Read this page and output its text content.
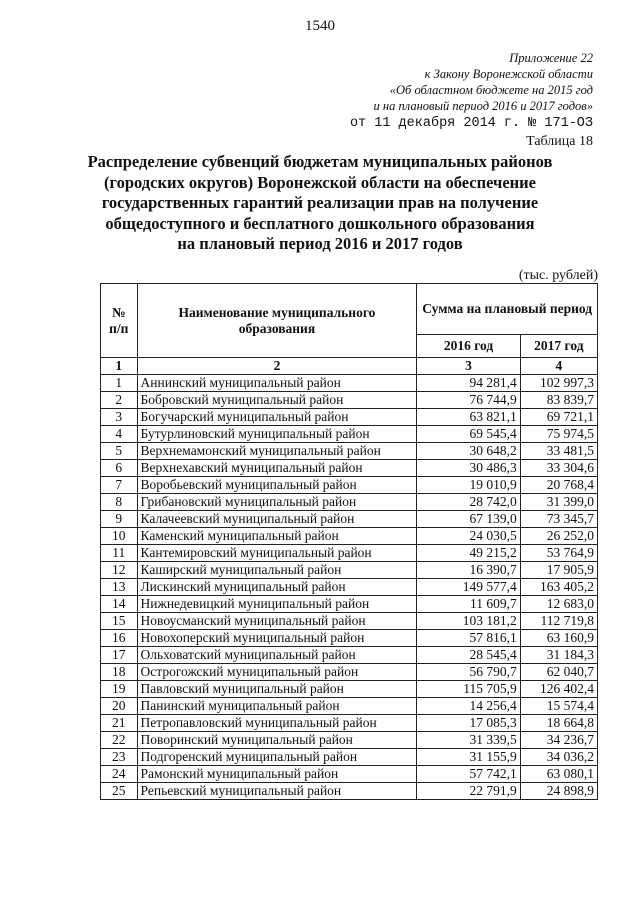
1540
Приложение 22
к Закону Воронежской области
«Об областном бюджете на 2015 год
и на плановый период 2016 и 2017 годов»
от 11 декабря 2014 г. № 171-ОЗ
Таблица 18
Распределение субвенций бюджетам муниципальных районов
(городских округов) Воронежской области на обеспечение
государственных гарантий реализации прав на получение
общедоступного и бесплатного дошкольного образования
на плановый период 2016 и 2017 годов
(тыс. рублей)
№
п/п	Наименование муниципального образования	Сумма на плановый период	
		2016 год	2017 год
1	2	3	4
1	Аннинский муниципальный район	94 281,4	102 997,3
2	Бобровский муниципальный район	76 744,9	83 839,7
3	Богучарский муниципальный район	63 821,1	69 721,1
4	Бутурлиновский муниципальный район	69 545,4	75 974,5
5	Верхнемамонский муниципальный район	30 648,2	33 481,5
6	Верхнехавский муниципальный район	30 486,3	33 304,6
7	Воробьевский муниципальный район	19 010,9	20 768,4
8	Грибановский муниципальный район	28 742,0	31 399,0
9	Калачеевский муниципальный район	67 139,0	73 345,7
10	Каменский муниципальный район	24 030,5	26 252,0
11	Кантемировский муниципальный район	49 215,2	53 764,9
12	Каширский муниципальный район	16 390,7	17 905,9
13	Лискинский муниципальный район	149 577,4	163 405,2
14	Нижнедевицкий муниципальный район	11 609,7	12 683,0
15	Новоусманский муниципальный район	103 181,2	112 719,8
16	Новохоперский муниципальный район	57 816,1	63 160,9
17	Ольховатский муниципальный район	28 545,4	31 184,3
18	Острогожский муниципальный район	56 790,7	62 040,7
19	Павловский муниципальный район	115 705,9	126 402,4
20	Панинский муниципальный район	14 256,4	15 574,4
21	Петропавловский муниципальный район	17 085,3	18 664,8
22	Поворинский муниципальный район	31 339,5	34 236,7
23	Подгоренский муниципальный район	31 155,9	34 036,2
24	Рамонский муниципальный район	57 742,1	63 080,1
25	Репьевский муниципальный район	22 791,9	24 898,9
